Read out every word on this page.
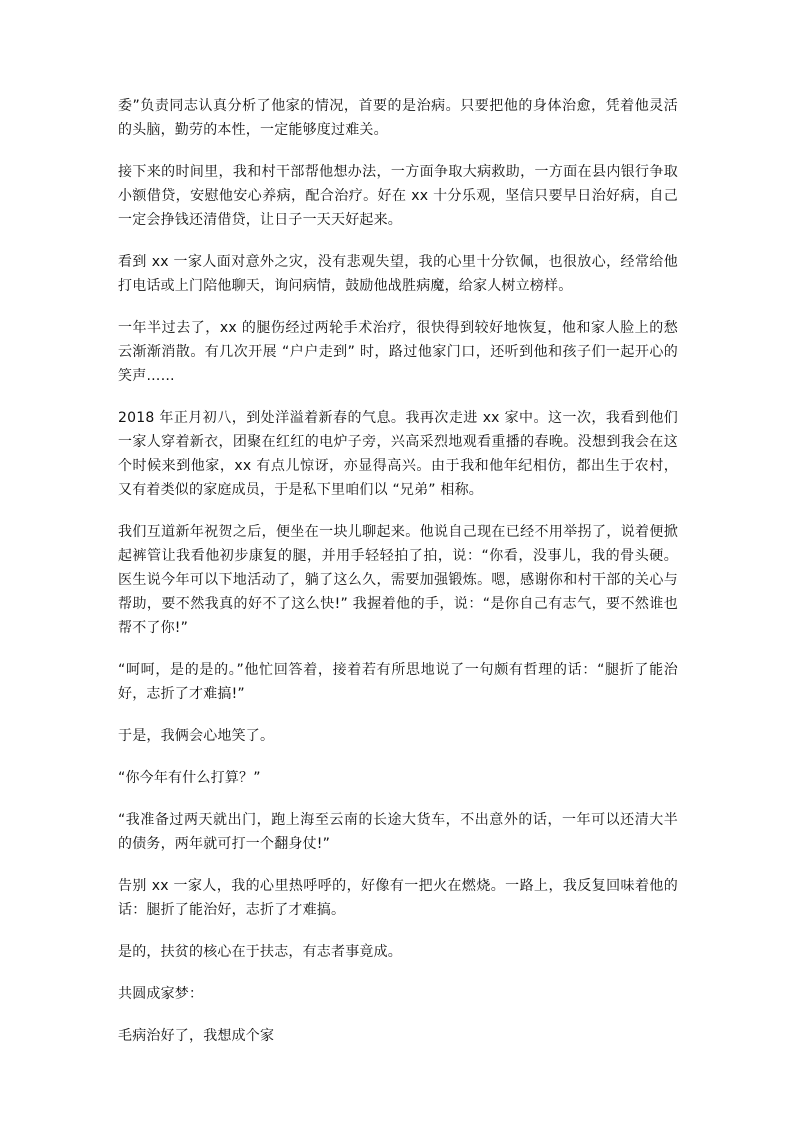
委”负责同志认真分析了他家的情况，首要的是治病。只要把他的身体治愈，凭着他灵活的头脑，勤劳的本性，一定能够度过难关。

接下来的时间里，我和村干部帮他想办法，一方面争取大病救助，一方面在县内银行争取小额借贷，安慰他安心养病，配合治疗。好在 xx 十分乐观，坚信只要早日治好病，自己一定会挣钱还清借贷，让日子一天天好起来。

看到 xx 一家人面对意外之灾，没有悲观失望，我的心里十分钦佩，也很放心，经常给他打电话或上门陪他聊天，询问病情，鼓励他战胜病魔，给家人树立榜样。

一年半过去了，xx 的腿伤经过两轮手术治疗，很快得到较好地恢复，他和家人脸上的愁云渐渐消散。有几次开展 “户户走到” 时，路过他家门口，还听到他和孩子们一起开心的笑声……

2018 年正月初八，到处洋溢着新春的气息。我再次走进 xx 家中。这一次，我看到他们一家人穿着新衣，团聚在红红的电炉子旁，兴高采烈地观看重播的春晚。没想到我会在这个时候来到他家，xx 有点儿惊讶，亦显得高兴。由于我和他年纪相仿，都出生于农村，又有着类似的家庭成员，于是私下里咱们以 “兄弟” 相称。

我们互道新年祝贺之后，便坐在一块儿聊起来。他说自己现在已经不用举拐了，说着便掀起裤管让我看他初步康复的腿，并用手轻轻拍了拍，说：“你看，没事儿，我的骨头硬。医生说今年可以下地活动了，躺了这么久，需要加强锻炼。嗯，感谢你和村干部的关心与帮助，要不然我真的好不了这么快!” 我握着他的手，说：“是你自己有志气，要不然谁也帮不了你!”

“呵呵，是的是的。”他忙回答着，接着若有所思地说了一句颇有哲理的话：“腿折了能治好，志折了才难搞!”

于是，我俩会心地笑了。

“你今年有什么打算？”

“我准备过两天就出门，跑上海至云南的长途大货车，不出意外的话，一年可以还清大半的债务，两年就可打一个翻身仗!”

告别 xx 一家人，我的心里热呼呼的，好像有一把火在燃烧。一路上，我反复回味着他的话：腿折了能治好，志折了才难搞。

是的，扶贫的核心在于扶志，有志者事竟成。

共圆成家梦：

毛病治好了，我想成个家
